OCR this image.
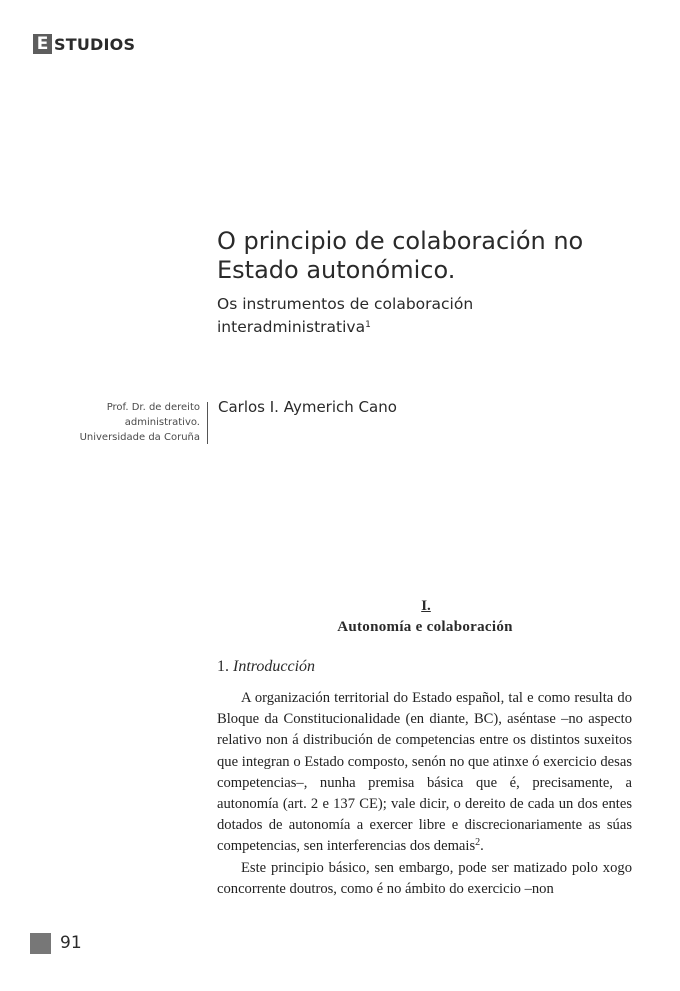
E STUDIOS
O principio de colaboración no Estado autonómico.
Os instrumentos de colaboración interadministrativa$^1$
Prof. Dr. de dereito
administrativo.
Universidade da Coruña
Carlos I. Aymerich Cano
I.
Autonomía e colaboración
1. Introducción

A organización territorial do Estado español, tal e como resulta do Bloque da Constitucionalidade (en diante, BC), aséntase –no aspecto relativo non á distribución de competencias entre os distintos suxeitos que integran o Estado composto, senón no que atinxe ó exercicio desas competencias–, nunha premisa básica que é, precisamente, a autonomía (art. 2 e 137 CE); vale dicir, o dereito de cada un dos entes dotados de autonomía a exercer libre e discrecionariamente as súas competencias, sen interferencias dos demais$^2$.

Este principio básico, sen embargo, pode ser matizado polo xogo concorrente doutros, como é no ámbito do exercicio –non

91
